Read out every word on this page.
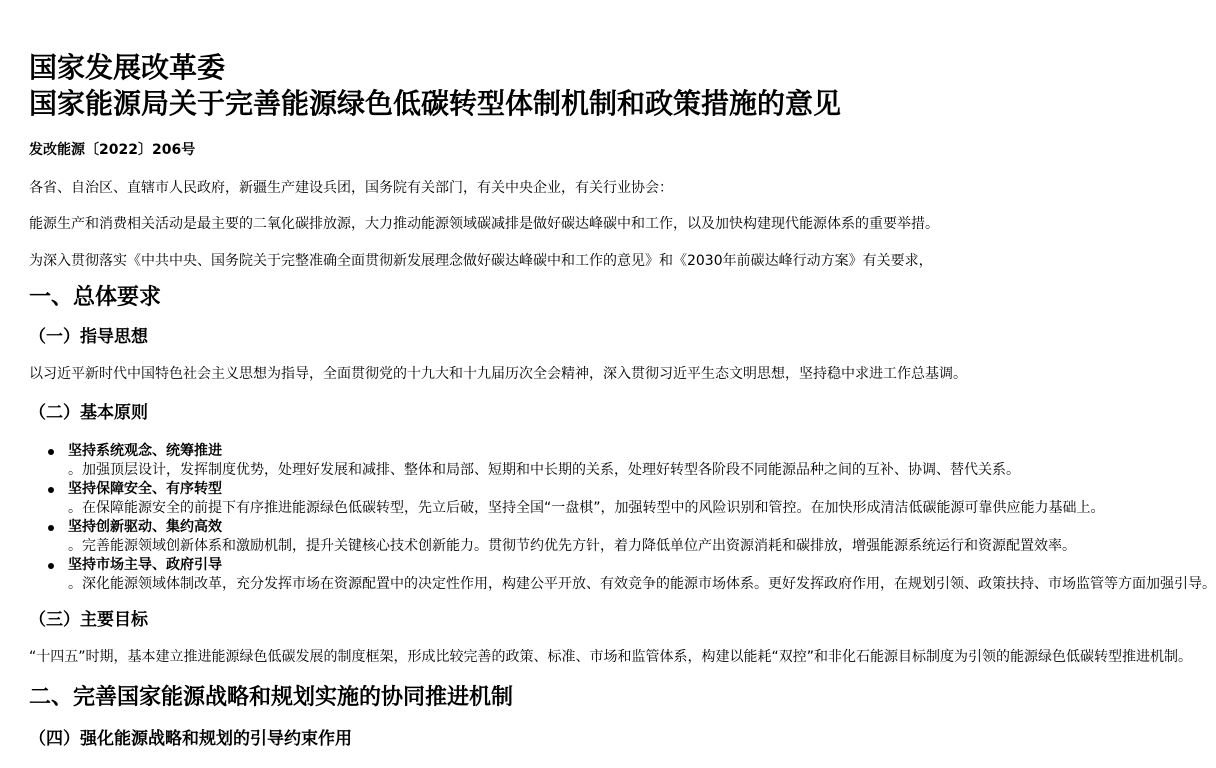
国家发展改革委
国家能源局关于完善能源绿色低碳转型体制机制和政策措施的意见
发改能源〔2022〕206号
各省、自治区、直辖市人民政府，新疆生产建设兵团，国务院有关部门，有关中央企业，有关行业协会：
能源生产和消费相关活动是最主要的二氧化碳排放源，大力推动能源领域碳减排是做好碳达峰碳中和工作，以及加快构建现代能源体系的重要举措。
为深入贯彻落实《中共中央、国务院关于完整准确全面贯彻新发展理念做好碳达峰碳中和工作的意见》和《2030年前碳达峰行动方案》有关要求，
一、总体要求
（一）指导思想
以习近平新时代中国特色社会主义思想为指导，全面贯彻党的十九大和十九届历次全会精神，深入贯彻习近平生态文明思想，坚持稳中求进工作总基调。
（二）基本原则
坚持系统观念、统筹推进
。加强顶层设计，发挥制度优势，处理好发展和减排、整体和局部、短期和中长期的关系，处理好转型各阶段不同能源品种之间的互补、协调、替代关系。
坚持保障安全、有序转型
。在保障能源安全的前提下有序推进能源绿色低碳转型，先立后破，坚持全国“一盘棋”，加强转型中的风险识别和管控。在加快形成清洁低碳能源可靠供应能力基础上。
坚持创新驱动、集约高效
。完善能源领域创新体系和激励机制，提升关键核心技术创新能力。贯彻节约优先方针，着力降低单位产出资源消耗和碳排放，增强能源系统运行和资源配置效率。
坚持市场主导、政府引导
。深化能源领域体制改革，充分发挥市场在资源配置中的决定性作用，构建公平开放、有效竞争的能源市场体系。更好发挥政府作用，在规划引领、政策扶持、市场监管等方面加强引导。
（三）主要目标
“十四五”时期，基本建立推进能源绿色低碳发展的制度框架，形成比较完善的政策、标准、市场和监管体系，构建以能耗“双控”和非化石能源目标制度为引领的能源绿色低碳转型推进机制。
二、完善国家能源战略和规划实施的协同推进机制
（四）强化能源战略和规划的引导约束作用
